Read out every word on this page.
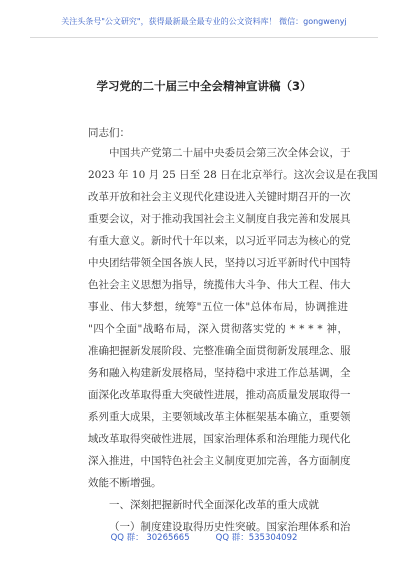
关注头条号"公文研究"，获得最新最全最专业的公文资料库！ 微信：gongwenyj
学习党的二十届三中全会精神宣讲稿（3）
同志们：
中国共产党第二十届中央委员会第三次全体会议，于
2023 年 10 月 25 日至 28 日在北京举行。这次会议是在我国
改革开放和社会主义现代化建设进入关键时期召开的一次
重要会议，对于推动我国社会主义制度自我完善和发展具
有重大意义。新时代十年以来，以习近平同志为核心的党
中央团结带领全国各族人民，坚持以习近平新时代中国特
色社会主义思想为指导，统揽伟大斗争、伟大工程、伟大
事业、伟大梦想，统筹"五位一体"总体布局，协调推进
"四个全面"战略布局，深入贯彻落实党的 * * * * 神，
准确把握新发展阶段、完整准确全面贯彻新发展理念、服
务和融入构建新发展格局，坚持稳中求进工作总基调，全
面深化改革取得重大突破性进展，推动高质量发展取得一
系列重大成果，主要领域改革主体框架基本确立，重要领
域改革取得突破性进展，国家治理体系和治理能力现代化
深入推进，中国特色社会主义制度更加完善，各方面制度
效能不断增强。
一、深刻把握新时代全面深化改革的重大成就
（一）制度建设取得历史性突破。国家治理体系和治
QQ 群： 30265665	QQ 群：535304092
